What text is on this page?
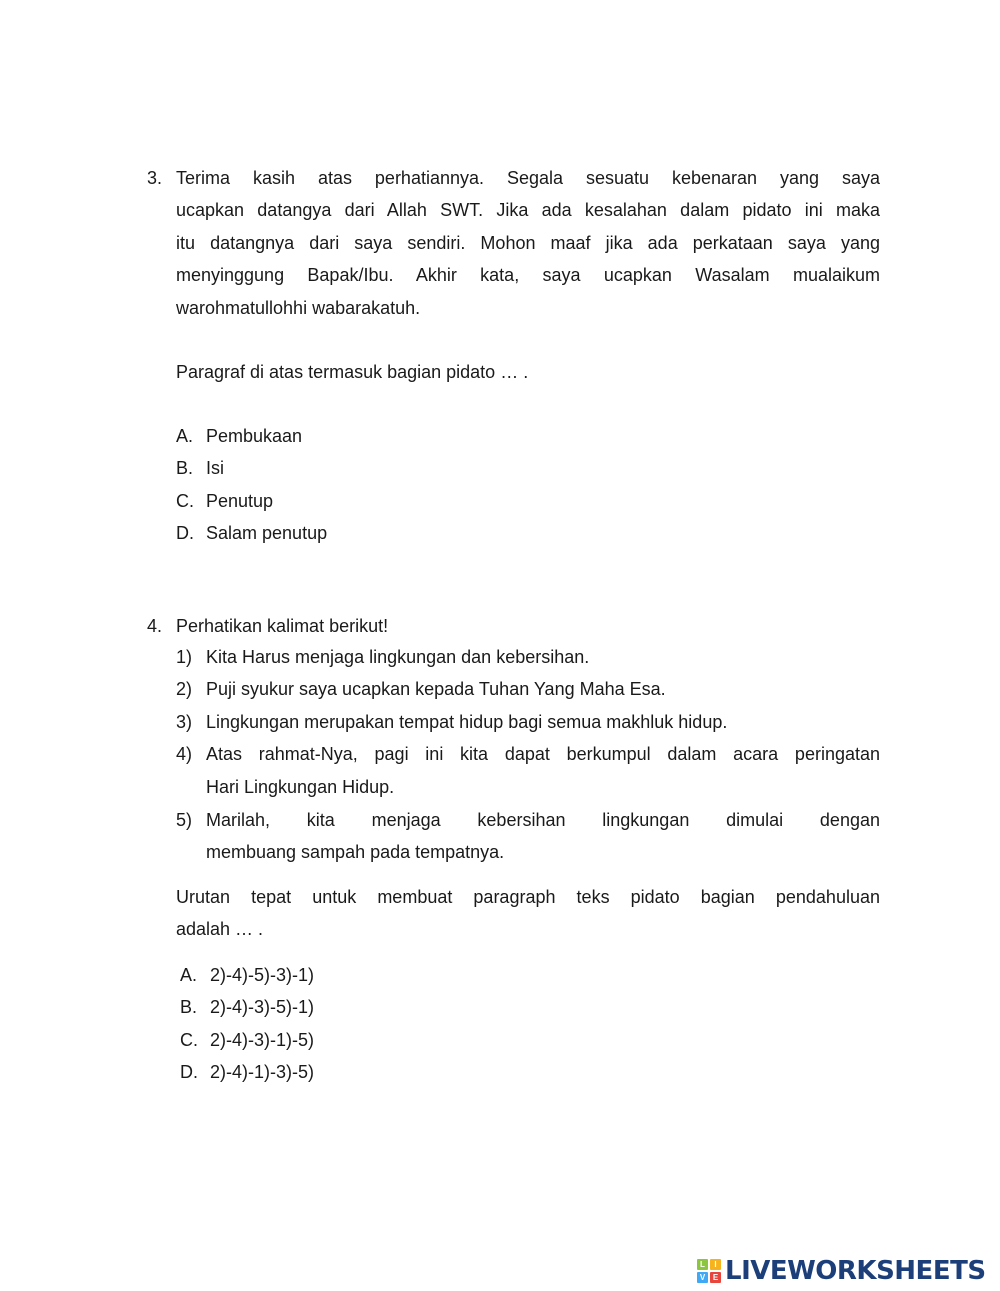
3. Terima kasih atas perhatiannya. Segala sesuatu kebenaran yang saya
ucapkan datangya dari Allah SWT. Jika ada kesalahan dalam pidato ini maka
itu datangnya dari saya sendiri. Mohon maaf jika ada perkataan saya yang
menyinggung Bapak/Ibu. Akhir kata, saya ucapkan Wasalam mualaikum
warohmatullohhi wabarakatuh.
Paragraf di atas termasuk bagian pidato … .
A. Pembukaan
B. Isi
C. Penutup
D. Salam penutup
4. Perhatikan kalimat berikut!
1) Kita Harus menjaga lingkungan dan kebersihan.
2) Puji syukur saya ucapkan kepada Tuhan Yang Maha Esa.
3) Lingkungan merupakan tempat hidup bagi semua makhluk hidup.
4) Atas rahmat-Nya, pagi ini kita dapat berkumpul dalam acara peringatan
Hari Lingkungan Hidup.
5) Marilah, kita menjaga kebersihan lingkungan dimulai dengan
membuang sampah pada tempatnya.
Urutan tepat untuk membuat paragraph teks pidato bagian pendahuluan
adalah … .
A. 2)-4)-5)-3)-1)
B. 2)-4)-3)-5)-1)
C. 2)-4)-3)-1)-5)
D. 2)-4)-1)-3)-5)
L	I
V E LIVEWORKSHEETS
